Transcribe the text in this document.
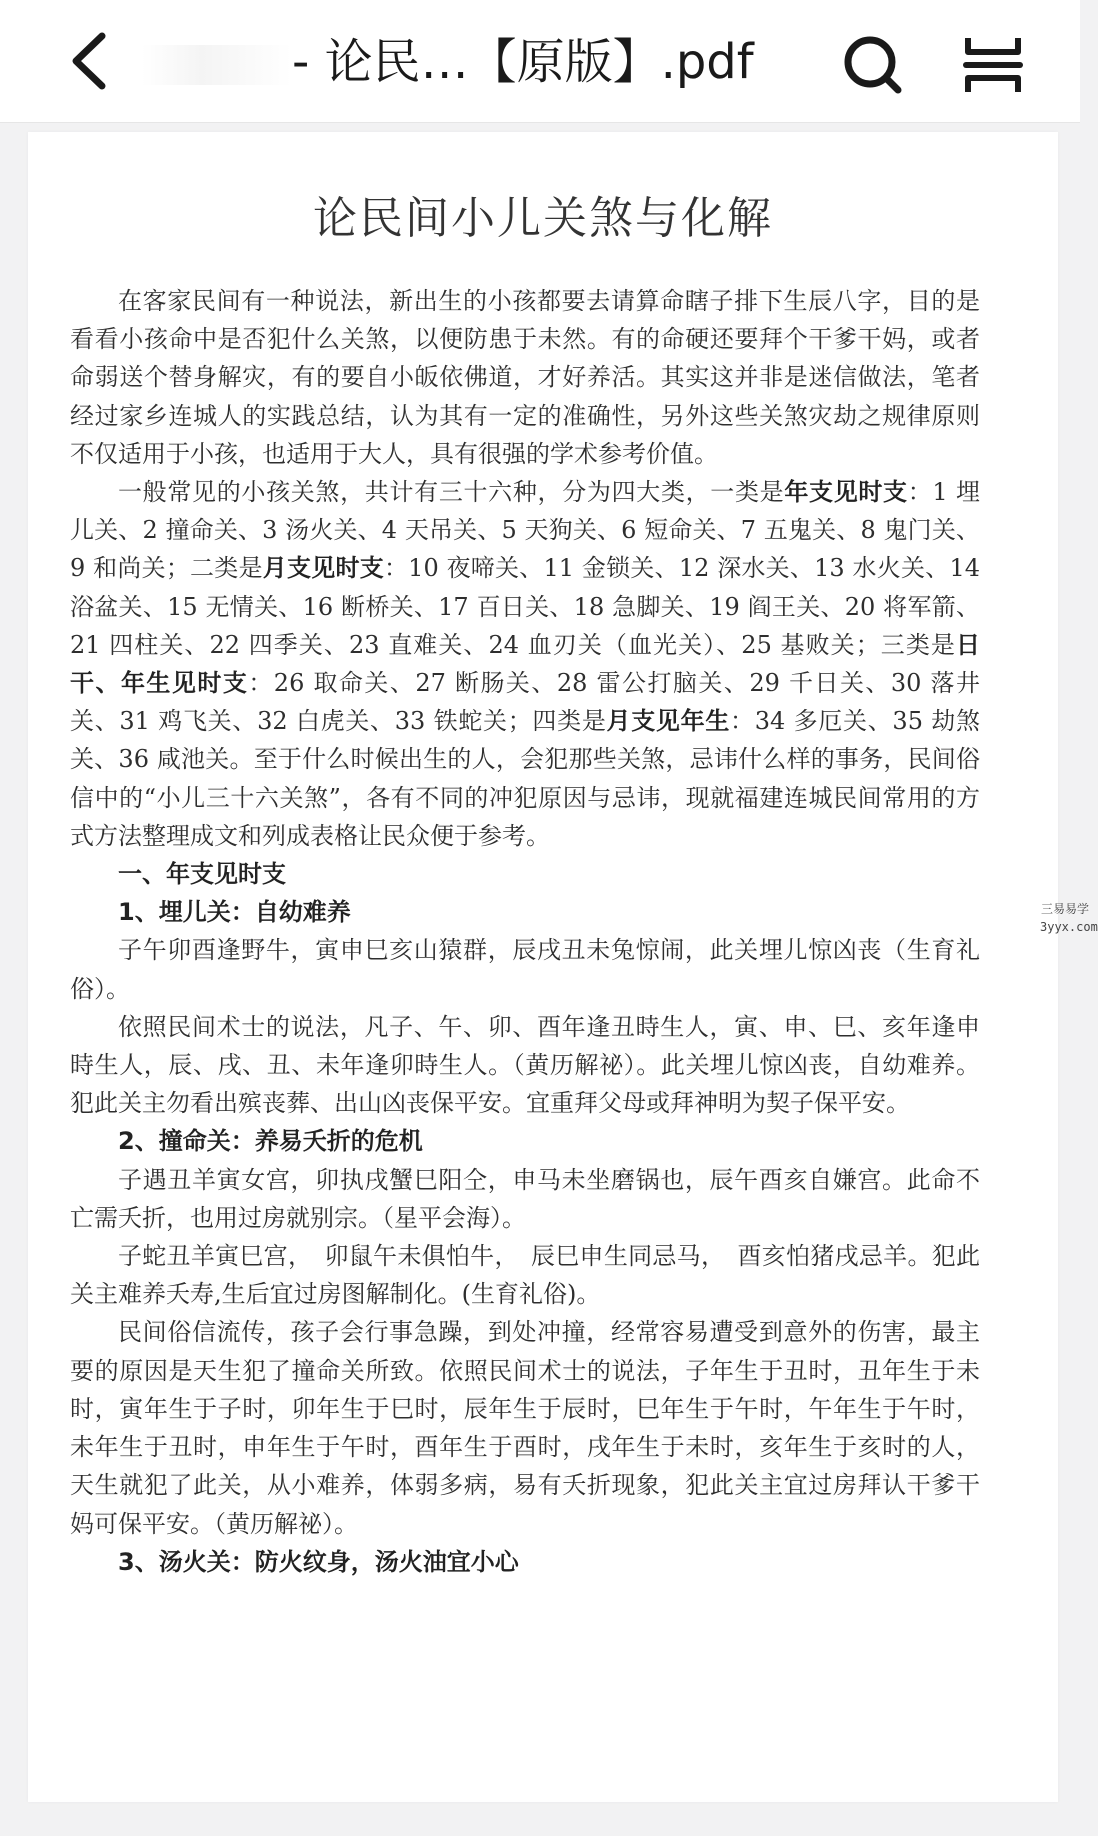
- 论民…【原版】.pdf
论民间小儿关煞与化解

在客家民间有一种说法，新出生的小孩都要去请算命瞎子排下生辰八字，目的是看看小孩命中是否犯什么关煞，以便防患于未然。有的命硬还要拜个干爹干妈，或者命弱送个替身解灾，有的要自小皈依佛道，才好养活。其实这并非是迷信做法，笔者经过家乡连城人的实践总结，认为其有一定的准确性，另外这些关煞灾劫之规律原则不仅适用于小孩，也适用于大人，具有很强的学术参考价值。

一般常见的小孩关煞，共计有三十六种，分为四大类，一类是年支见时支：1 埋儿关、2 撞命关、3 汤火关、4 天吊关、5 天狗关、6 短命关、7 五鬼关、8 鬼门关、9 和尚关；二类是月支见时支：10 夜啼关、11 金锁关、12 深水关、13 水火关、14 浴盆关、15 无情关、16 断桥关、17 百日关、18 急脚关、19 阎王关、20 将军箭、21 四柱关、22 四季关、23 直难关、24 血刃关（血光关）、25 基败关；三类是日干、年生见时支：26 取命关、27 断肠关、28 雷公打脑关、29 千日关、30 落井关、31 鸡飞关、32 白虎关、33 铁蛇关；四类是月支见年生：34 多厄关、35 劫煞关、36 咸池关。至于什么时候出生的人，会犯那些关煞，忌讳什么样的事务，民间俗信中的“小儿三十六关煞”，各有不同的冲犯原因与忌讳，现就福建连城民间常用的方式方法整理成文和列成表格让民众便于参考。

一、年支见时支
1、埋儿关：自幼难养

子午卯酉逢野牛，寅申巳亥山猿群，辰戌丑未兔惊闹，此关埋儿惊凶丧（生育礼俗）。

依照民间术士的说法，凡子、午、卯、酉年逢丑時生人，寅、申、巳、亥年逢申時生人，辰、戌、丑、未年逢卯時生人。（黄历解祕）。此关埋儿惊凶丧，自幼难养。犯此关主勿看出殡丧葬、出山凶丧保平安。宜重拜父母或拜神明为契子保平安。

2、撞命关：养易夭折的危机

子遇丑羊寅女宫，卯执戌蟹巳阳仝，申马未坐磨锅也，辰午酉亥自嫌宫。此命不亡需夭折，也用过房就别宗。（星平会海）。

子蛇丑羊寅巳宫，　卯鼠午未俱怕牛，　辰巳申生同忌马，　酉亥怕猪戌忌羊。犯此关主难养夭寿,生后宜过房图解制化。(生育礼俗)。

民间俗信流传，孩子会行事急躁，到处冲撞，经常容易遭受到意外的伤害，最主要的原因是天生犯了撞命关所致。依照民间术士的说法，子年生于丑时，丑年生于未时，寅年生于子时，卯年生于巳时，辰年生于辰时，巳年生于午时，午年生于午时，未年生于丑时，申年生于午时，酉年生于酉时，戌年生于未时，亥年生于亥时的人，天生就犯了此关，从小难养，体弱多病，易有夭折现象，犯此关主宜过房拜认干爹干妈可保平安。（黄历解祕）。

3、汤火关：防火纹身，汤火油宜小心
三易易学
3yyx.com
